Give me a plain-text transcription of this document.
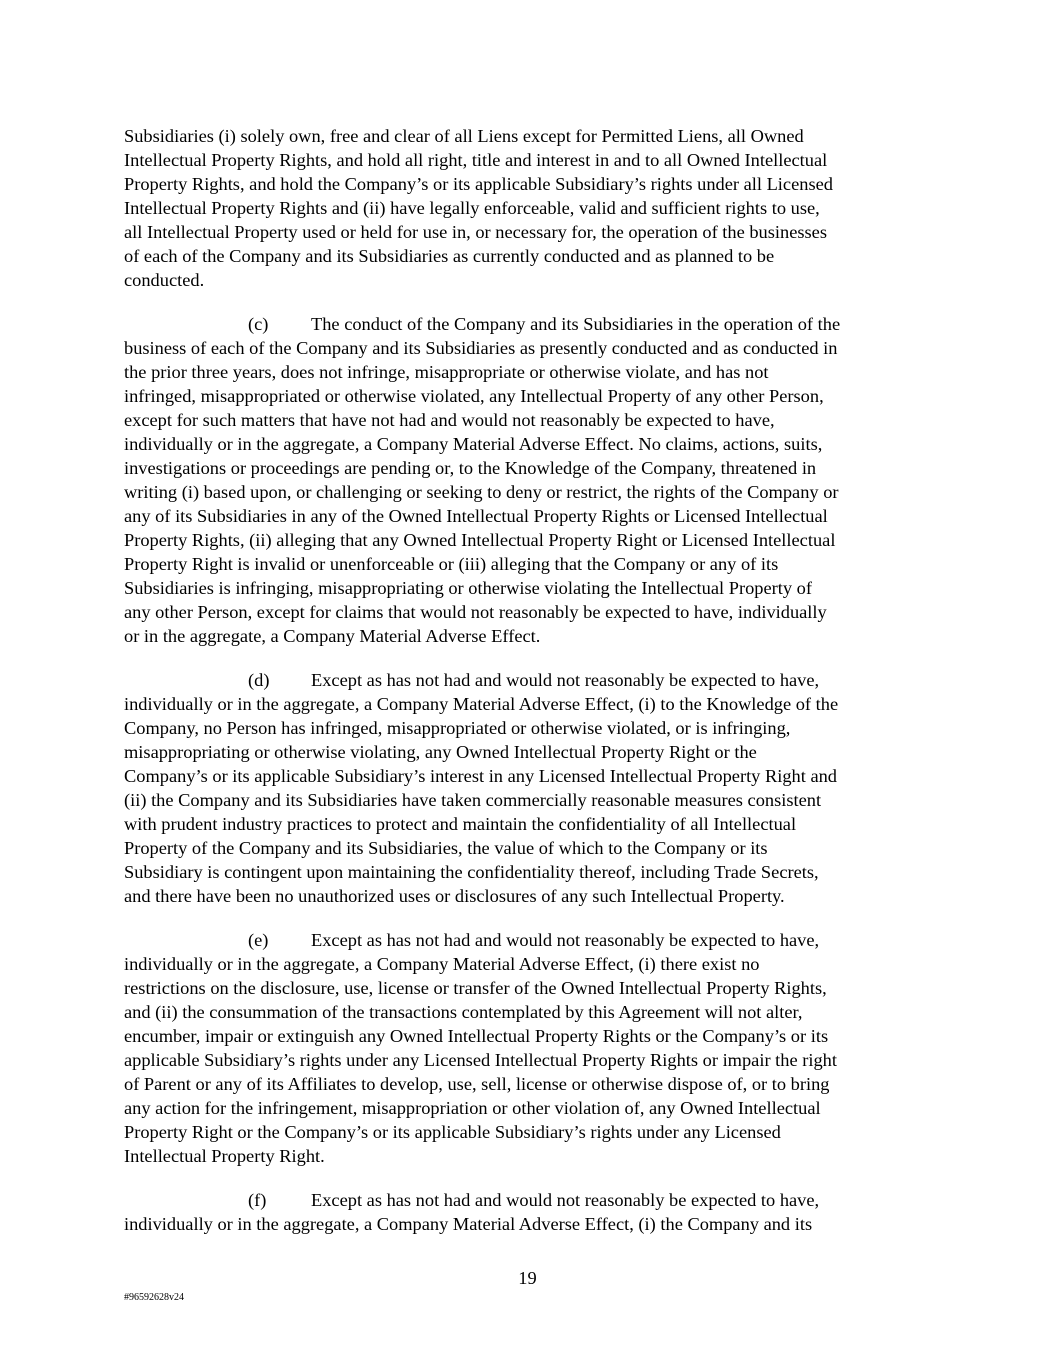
Subsidiaries (i) solely own, free and clear of all Liens except for Permitted Liens, all Owned
Intellectual Property Rights, and hold all right, title and interest in and to all Owned Intellectual
Property Rights, and hold the Company’s or its applicable Subsidiary’s rights under all Licensed
Intellectual Property Rights and (ii) have legally enforceable, valid and sufficient rights to use,
all Intellectual Property used or held for use in, or necessary for, the operation of the businesses
of each of the Company and its Subsidiaries as currently conducted and as planned to be
conducted.

(c) The conduct of the Company and its Subsidiaries in the operation of the
business of each of the Company and its Subsidiaries as presently conducted and as conducted in
the prior three years, does not infringe, misappropriate or otherwise violate, and has not
infringed, misappropriated or otherwise violated, any Intellectual Property of any other Person,
except for such matters that have not had and would not reasonably be expected to have,
individually or in the aggregate, a Company Material Adverse Effect. No claims, actions, suits,
investigations or proceedings are pending or, to the Knowledge of the Company, threatened in
writing (i) based upon, or challenging or seeking to deny or restrict, the rights of the Company or
any of its Subsidiaries in any of the Owned Intellectual Property Rights or Licensed Intellectual
Property Rights, (ii) alleging that any Owned Intellectual Property Right or Licensed Intellectual
Property Right is invalid or unenforceable or (iii) alleging that the Company or any of its
Subsidiaries is infringing, misappropriating or otherwise violating the Intellectual Property of
any other Person, except for claims that would not reasonably be expected to have, individually
or in the aggregate, a Company Material Adverse Effect.

(d) Except as has not had and would not reasonably be expected to have,
individually or in the aggregate, a Company Material Adverse Effect, (i) to the Knowledge of the
Company, no Person has infringed, misappropriated or otherwise violated, or is infringing,
misappropriating or otherwise violating, any Owned Intellectual Property Right or the
Company’s or its applicable Subsidiary’s interest in any Licensed Intellectual Property Right and
(ii) the Company and its Subsidiaries have taken commercially reasonable measures consistent
with prudent industry practices to protect and maintain the confidentiality of all Intellectual
Property of the Company and its Subsidiaries, the value of which to the Company or its
Subsidiary is contingent upon maintaining the confidentiality thereof, including Trade Secrets,
and there have been no unauthorized uses or disclosures of any such Intellectual Property.

(e) Except as has not had and would not reasonably be expected to have,
individually or in the aggregate, a Company Material Adverse Effect, (i) there exist no
restrictions on the disclosure, use, license or transfer of the Owned Intellectual Property Rights,
and (ii) the consummation of the transactions contemplated by this Agreement will not alter,
encumber, impair or extinguish any Owned Intellectual Property Rights or the Company’s or its
applicable Subsidiary’s rights under any Licensed Intellectual Property Rights or impair the right
of Parent or any of its Affiliates to develop, use, sell, license or otherwise dispose of, or to bring
any action for the infringement, misappropriation or other violation of, any Owned Intellectual
Property Right or the Company’s or its applicable Subsidiary’s rights under any Licensed
Intellectual Property Right.

(f) Except as has not had and would not reasonably be expected to have,
individually or in the aggregate, a Company Material Adverse Effect, (i) the Company and its

19
#96592628v24
